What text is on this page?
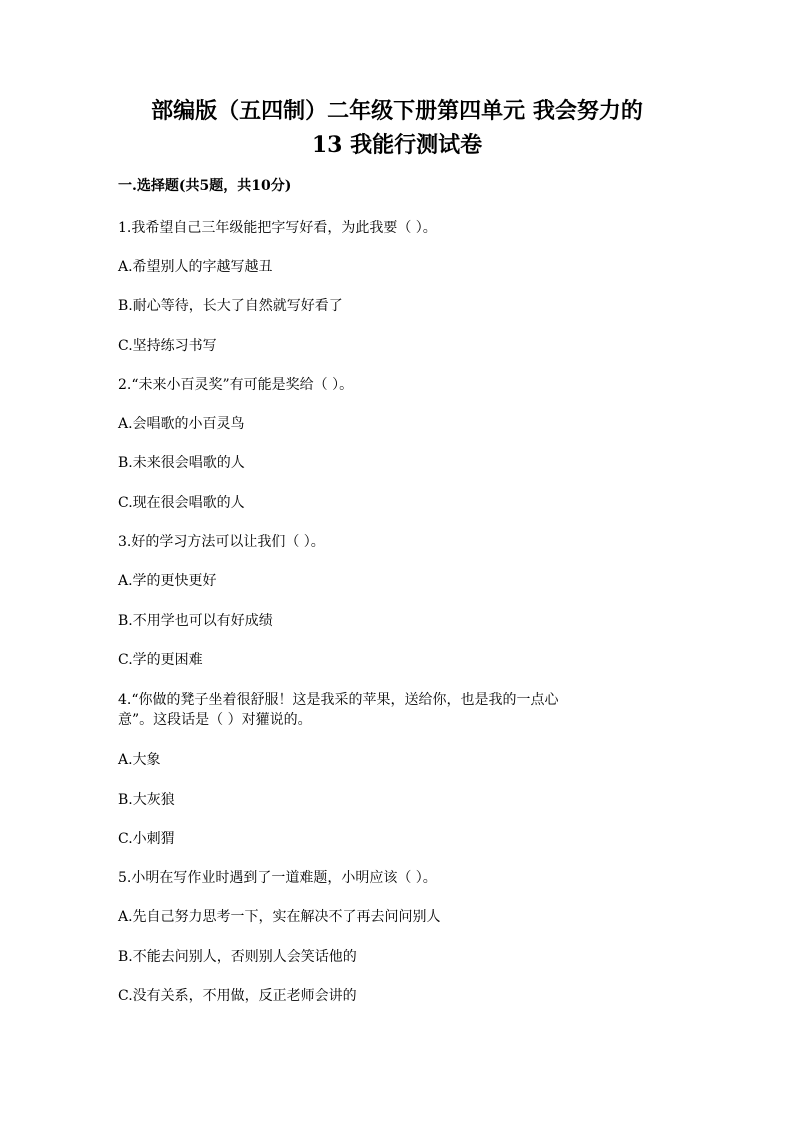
部编版（五四制）二年级下册第四单元 我会努力的
13 我能行测试卷
一.选择题(共5题，共10分)
1.我希望自己三年级能把字写好看，为此我要（ ）。
A.希望别人的字越写越丑
B.耐心等待，长大了自然就写好看了
C.坚持练习书写
2.“未来小百灵奖”有可能是奖给（ ）。
A.会唱歌的小百灵鸟
B.未来很会唱歌的人
C.现在很会唱歌的人
3.好的学习方法可以让我们（ ）。
A.学的更快更好
B.不用学也可以有好成绩
C.学的更困难
4.“你做的凳子坐着很舒服！这是我采的苹果，送给你，也是我的一点心
意”。这段话是（ ）对獾说的。
A.大象
B.大灰狼
C.小刺猬
5.小明在写作业时遇到了一道难题，小明应该（ ）。
A.先自己努力思考一下，实在解决不了再去问问别人
B.不能去问别人，否则别人会笑话他的
C.没有关系，不用做，反正老师会讲的
